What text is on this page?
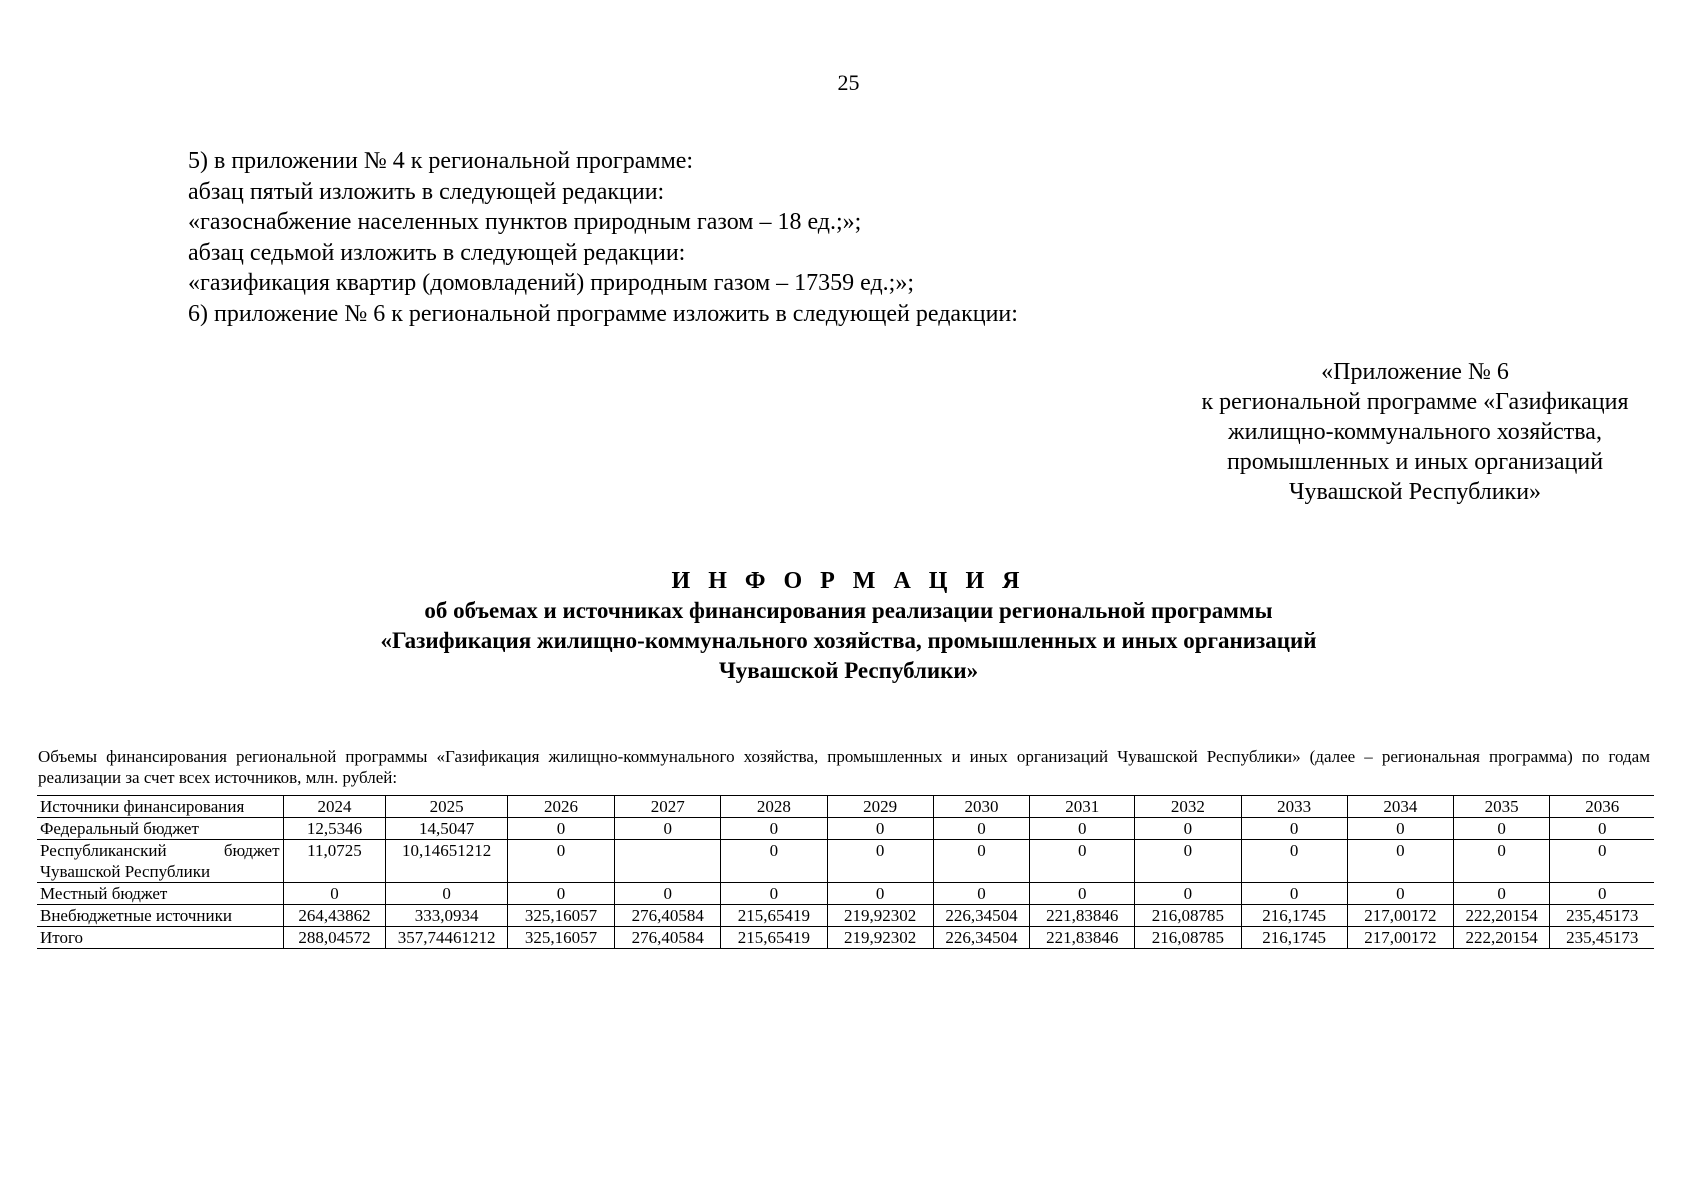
25

5) в приложении № 4 к региональной программе:

абзац пятый изложить в следующей редакции:

«газоснабжение населенных пунктов природным газом – 18 ед.;»;

абзац седьмой изложить в следующей редакции:

«газификация квартир (домовладений) природным газом – 17359 ед.;»;

6) приложение № 6 к региональной программе изложить в следующей редакции:

«Приложение № 6
к региональной программе «Газификация
жилищно-коммунального хозяйства,
промышленных и иных организаций
Чувашской Республики»
И Н Ф О Р М А Ц И Я
об объемах и источниках финансирования реализации региональной программы
«Газификация жилищно-коммунального хозяйства, промышленных и иных организаций
Чувашской Республики»
Объемы финансирования региональной программы «Газификация жилищно-коммунального хозяйства, промышленных и иных организаций Чувашской Республики» (далее – региональная программа) по годам реализации за счет всех источников, млн. рублей:
Источники финансирования	2024	2025	2026	2027	2028	2029	2030	2031	2032	2033	2034	2035	2036
Федеральный бюджет	12,5346	14,5047	0	0	0	0	0	0	0	0	0	0	0
Республиканский бюджет Чувашской Республики	11,0725	10,14651212	0		0	0	0	0	0	0	0	0	0
Местный бюджет	0	0	0	0	0	0	0	0	0	0	0	0	0
Внебюджетные источники	264,43862	333,0934	325,16057	276,40584	215,65419	219,92302	226,34504	221,83846	216,08785	216,1745	217,00172	222,20154	235,45173
Итого	288,04572	357,74461212	325,16057	276,40584	215,65419	219,92302	226,34504	221,83846	216,08785	216,1745	217,00172	222,20154	235,45173
